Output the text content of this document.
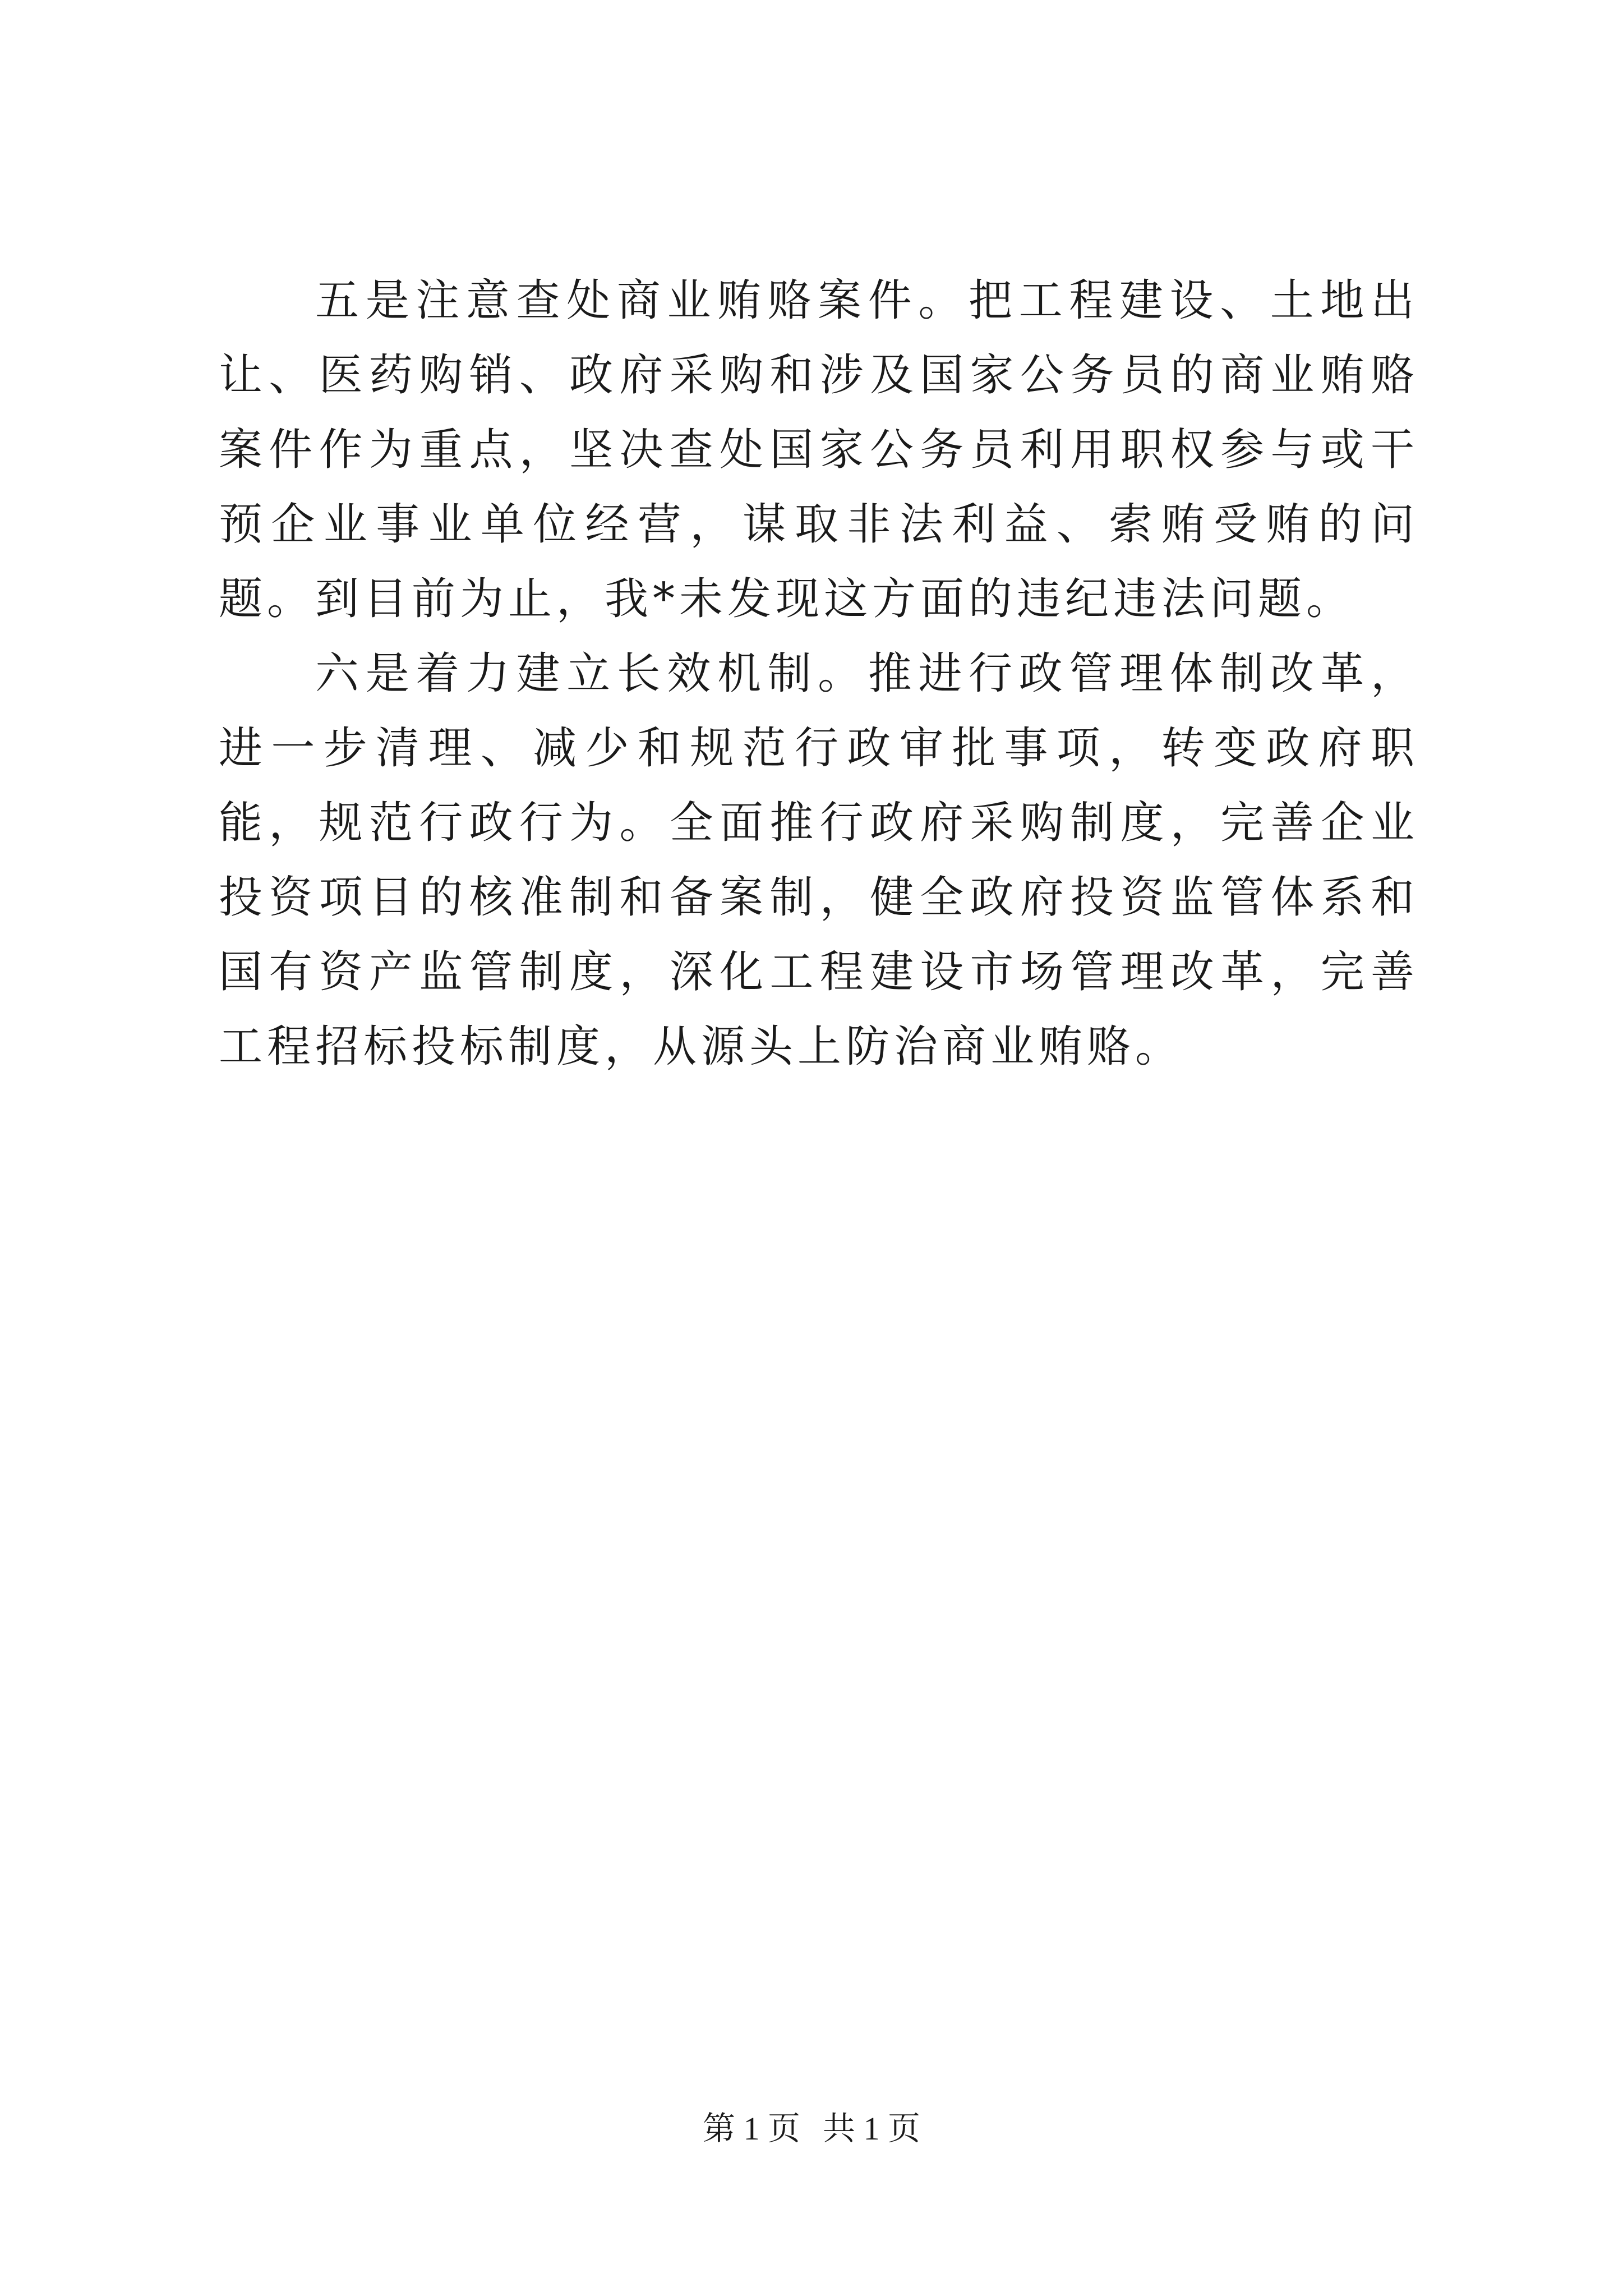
五是注意查处商业贿赂案件。把工程建设、土地出让、医药购销、政府采购和涉及国家公务员的商业贿赂案件作为重点，坚决查处国家公务员利用职权参与或干预企业事业单位经营，谋取非法利益、索贿受贿的问题。到目前为止，我*未发现这方面的违纪违法问题。

六是着力建立长效机制。推进行政管理体制改革，进一步清理、减少和规范行政审批事项，转变政府职能，规范行政行为。全面推行政府采购制度，完善企业投资项目的核准制和备案制，健全政府投资监管体系和国有资产监管制度，深化工程建设市场管理改革，完善工程招标投标制度，从源头上防治商业贿赂。

第 1 页 共 1 页
